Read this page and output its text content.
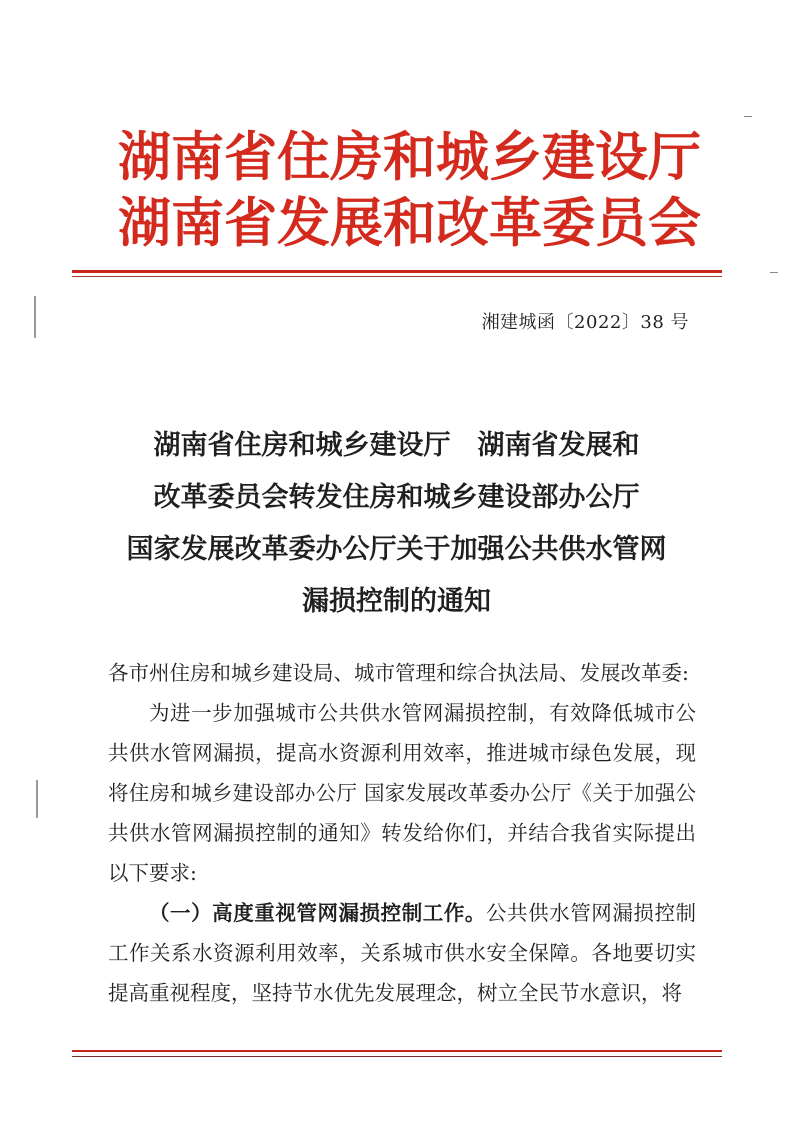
湖南省住房和城乡建设厅
湖南省发展和改革委员会
湘建城函〔2022〕38 号
湖南省住房和城乡建设厅　湖南省发展和
改革委员会转发住房和城乡建设部办公厅
国家发展改革委办公厅关于加强公共供水管网
漏损控制的通知

各市州住房和城乡建设局、城市管理和综合执法局、发展改革委:

为进一步加强城市公共供水管网漏损控制，有效降低城市公共供水管网漏损，提高水资源利用效率，推进城市绿色发展，现将住房和城乡建设部办公厅 国家发展改革委办公厅《关于加强公共供水管网漏损控制的通知》转发给你们，并结合我省实际提出以下要求:

（一）高度重视管网漏损控制工作。公共供水管网漏损控制工作关系水资源利用效率，关系城市供水安全保障。各地要切实提高重视程度，坚持节水优先发展理念，树立全民节水意识，将
